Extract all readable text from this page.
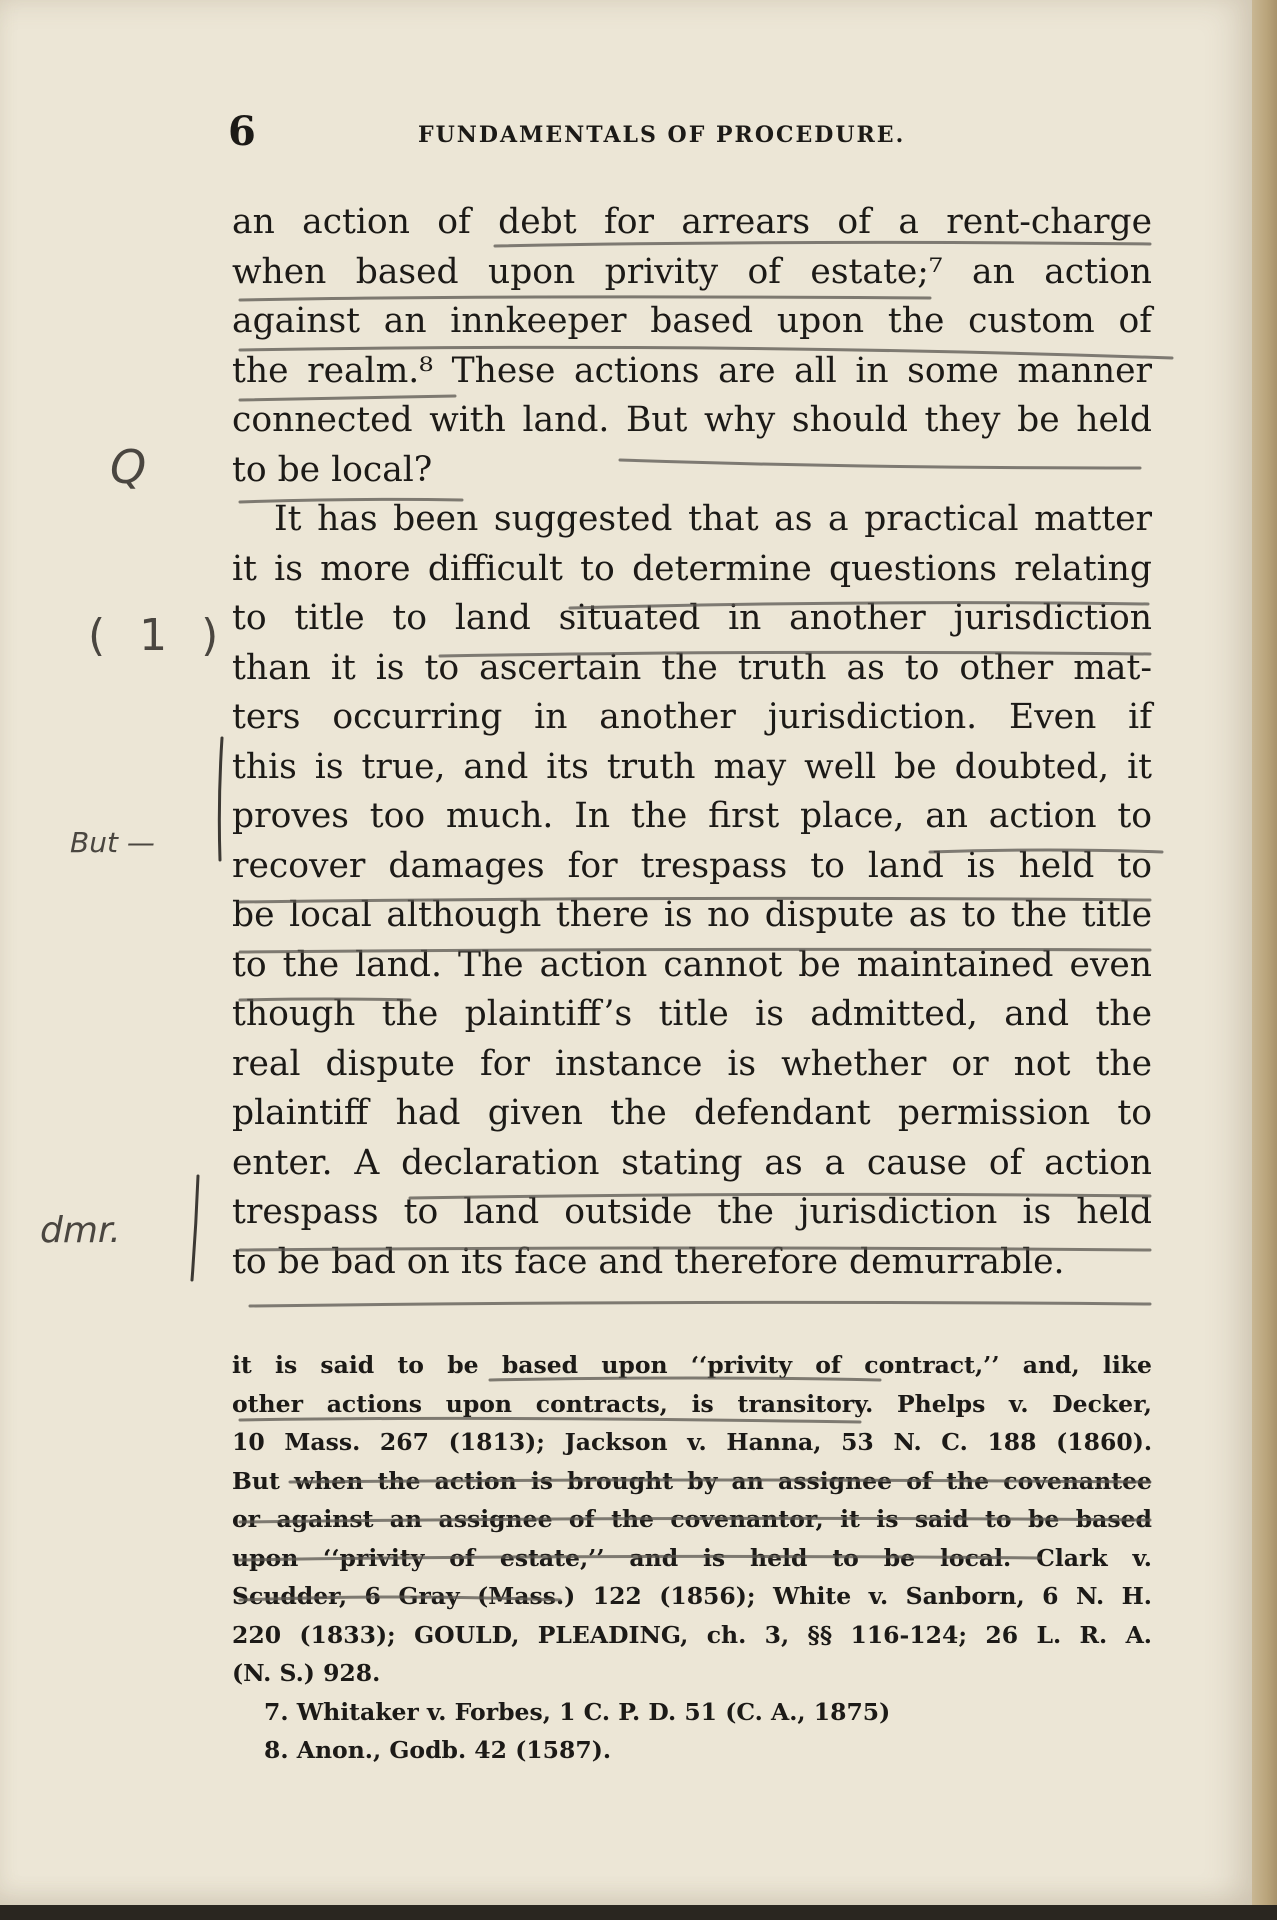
6	FUNDAMENTALS OF PROCEDURE.
an action of debt for arrears of a rent-charge
when based upon privity of estate;⁷ an action
against an innkeeper based upon the custom of
the realm.⁸ These actions are all in some manner
connected with land. But why should they be held
to be local?
It has been suggested that as a practical matter
it is more difficult to determine questions relating
to title to land situated in another jurisdiction
than it is to ascertain the truth as to other mat-
ters occurring in another jurisdiction. Even if
this is true, and its truth may well be doubted, it
proves too much. In the first place, an action to
recover damages for trespass to land is held to
be local although there is no dispute as to the title
to the land. The action cannot be maintained even
though the plaintiff’s title is admitted, and the
real dispute for instance is whether or not the
plaintiff had given the defendant permission to
enter. A declaration stating as a cause of action
trespass to land outside the jurisdiction is held
to be bad on its face and therefore demurrable.
it is said to be based upon ‘‘privity of contract,’’ and, like
other actions upon contracts, is transitory. Phelps v. Decker,
10 Mass. 267 (1813); Jackson v. Hanna, 53 N. C. 188 (1860).
But when the action is brought by an assignee of the covenantee
or against an assignee of the covenantor, it is said to be based
upon ‘‘privity of estate,’’ and is held to be local. Clark v.
Scudder, 6 Gray (Mass.) 122 (1856); White v. Sanborn, 6 N. H.
220 (1833); GOULD, PLEADING, ch. 3, §§ 116-124; 26 L. R. A.
(N. S.) 928.
7. Whitaker v. Forbes, 1 C. P. D. 51 (C. A., 1875)
8. Anon., Godb. 42 (1587).
Q
( 1 )
But —
dmr.
